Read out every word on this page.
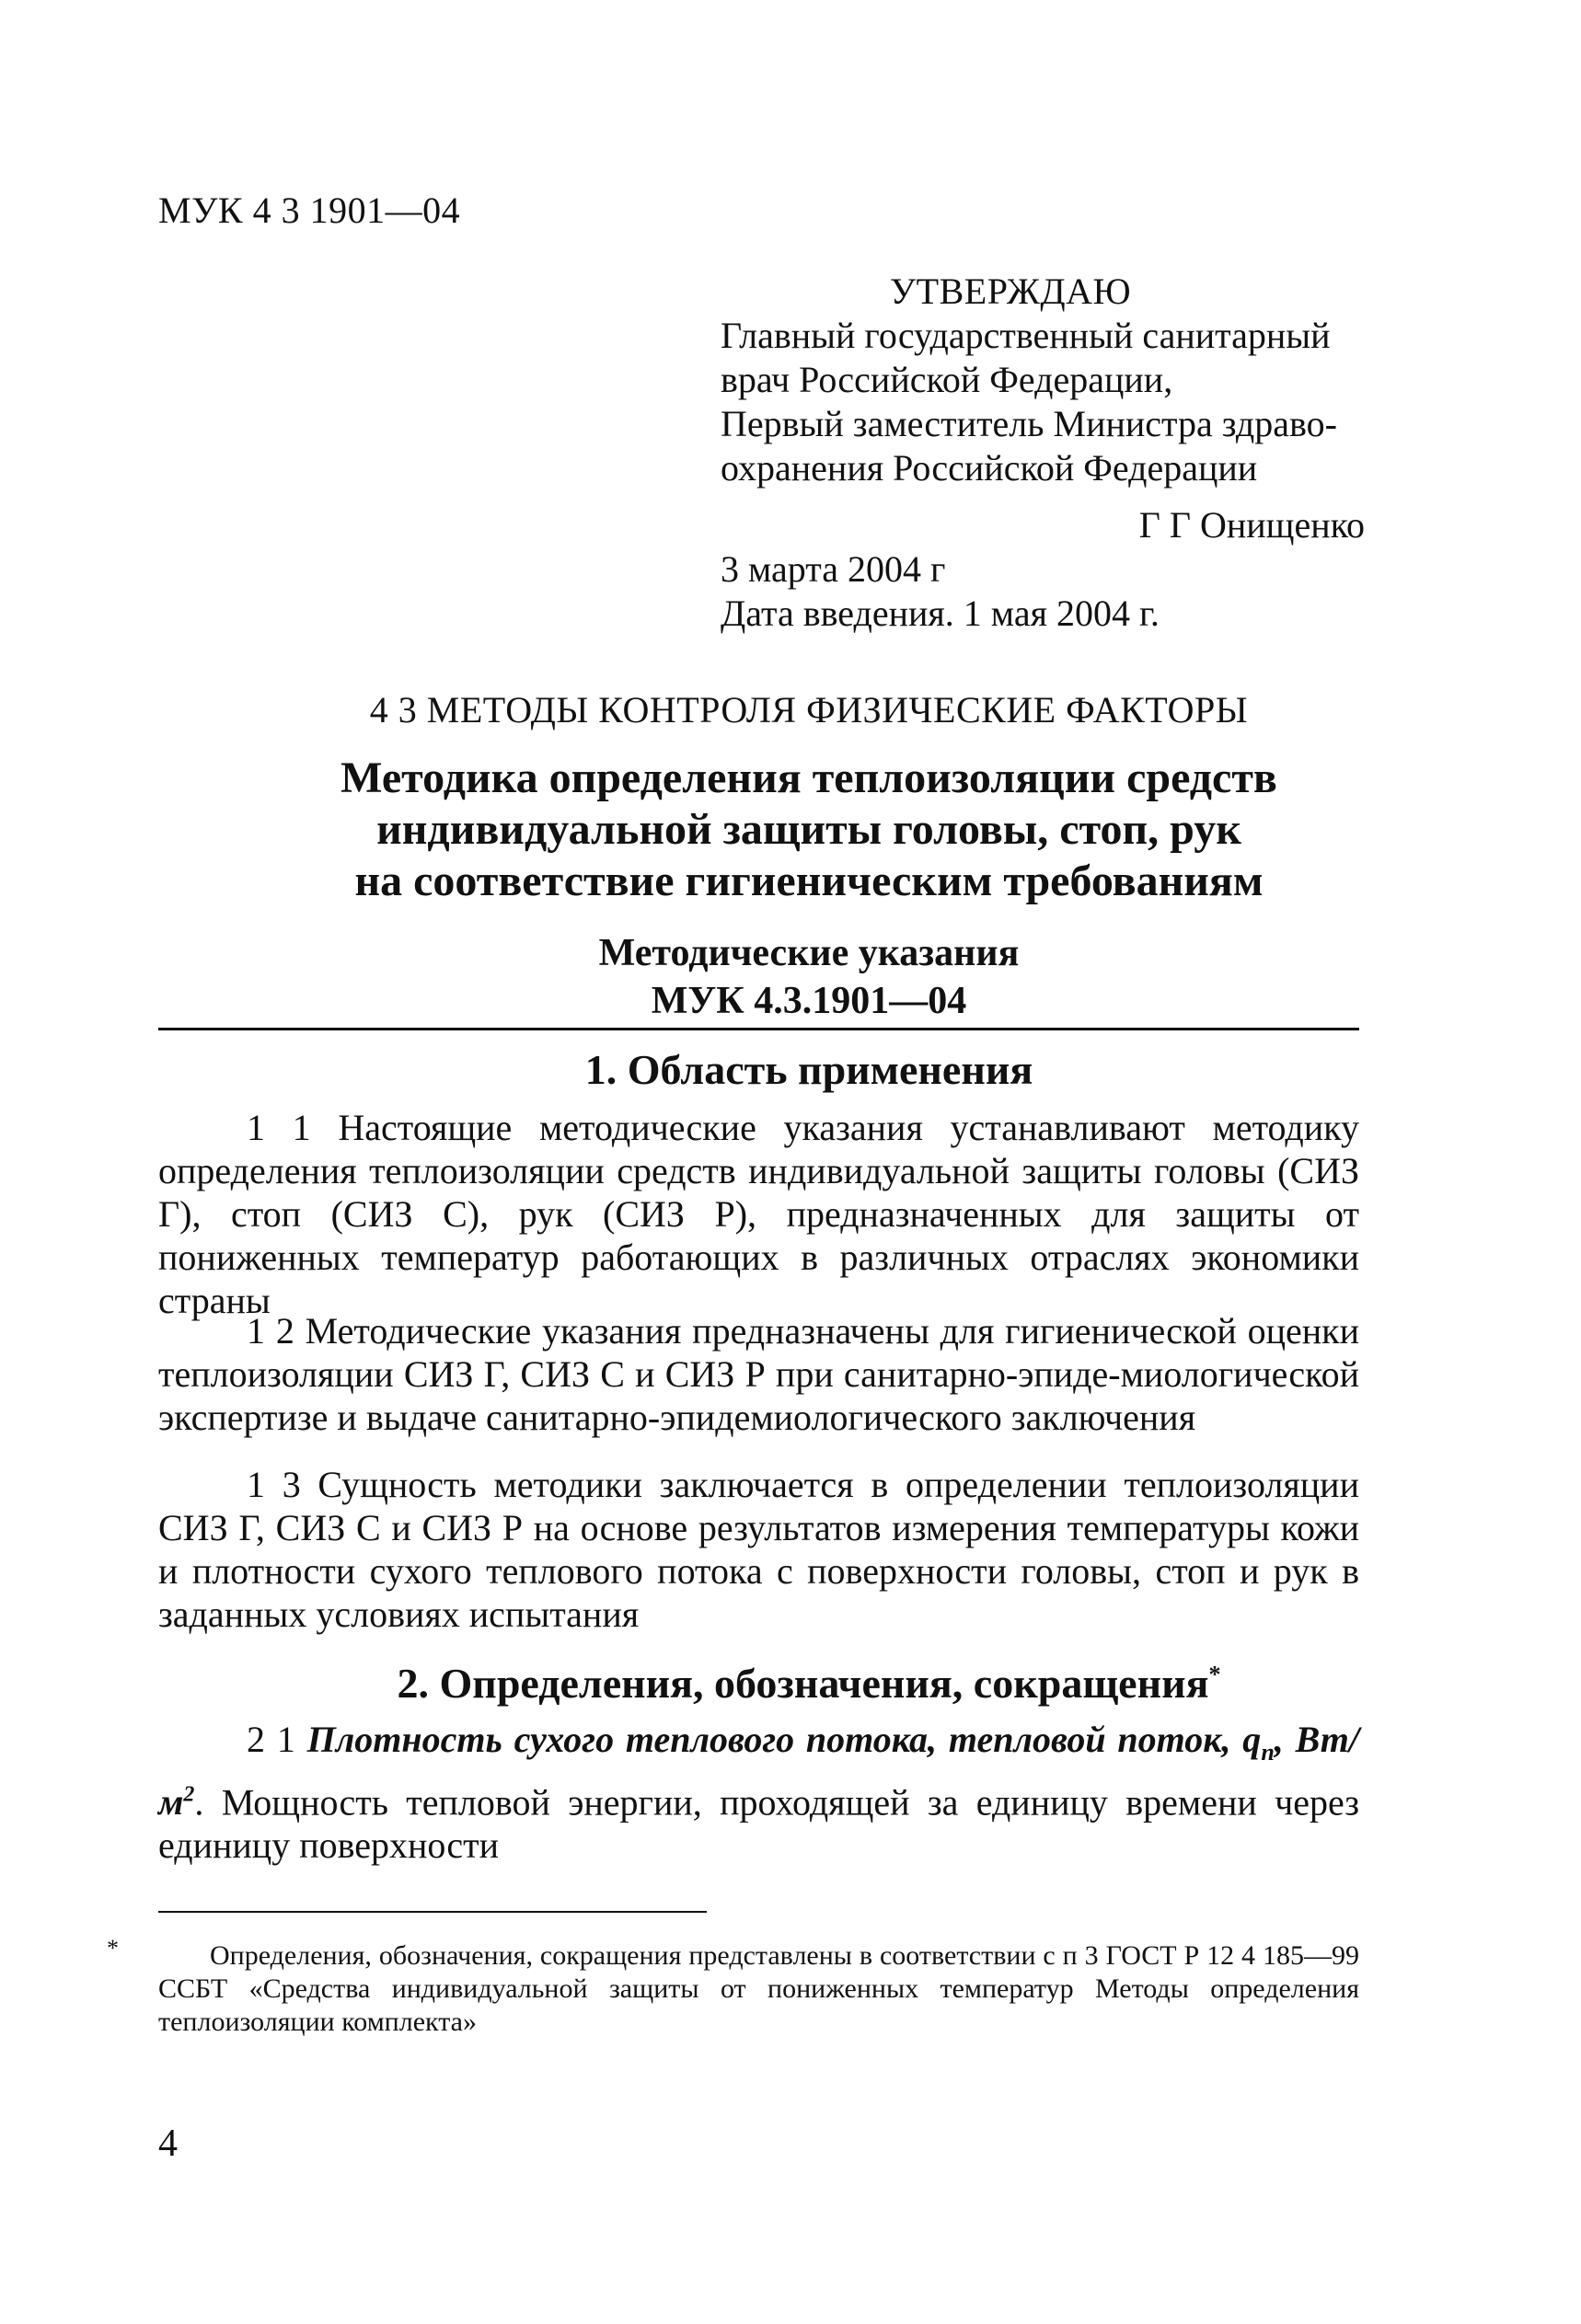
МУК 4 3 1901—04
УТВЕРЖДАЮ
Главный государственный санитарный
врач Российской Федерации,
Первый заместитель Министра здраво-
охранения Российской Федерации
Г Г Онищенко
3 марта 2004 г
Дата введения. 1 мая 2004 г.
4 3 МЕТОДЫ КОНТРОЛЯ ФИЗИЧЕСКИЕ ФАКТОРЫ
Методика определения теплоизоляции средств
индивидуальной защиты головы, стоп, рук
на соответствие гигиеническим требованиям
Методические указания
МУК 4.3.1901—04
1. Область применения

1 1 Настоящие методические указания устанавливают методику определения теплоизоляции средств индивидуальной защиты головы (СИЗ Г), стоп (СИЗ С), рук (СИЗ Р), предназначенных для защиты от пониженных температур работающих в различных отраслях экономики страны

1 2 Методические указания предназначены для гигиенической оценки теплоизоляции СИЗ Г, СИЗ С и СИЗ Р при санитарно-эпиде-миологической экспертизе и выдаче санитарно-эпидемиологического заключения

1 3 Сущность методики заключается в определении теплоизоляции СИЗ Г, СИЗ С и СИЗ Р на основе результатов измерения температуры кожи и плотности сухого теплового потока с поверхности головы, стоп и рук в заданных условиях испытания

2. Определения, обозначения, сокращения*

2 1 Плотность сухого теплового потока, тепловой поток, $q_п$, $Вт/м^2$. Мощность тепловой энергии, проходящей за единицу времени через единицу поверхности

*	Определения, обозначения, сокращения представлены в соответствии с п 3 ГОСТ Р 12 4 185—99 ССБТ «Средства индивидуальной защиты от пониженных температур Методы определения теплоизоляции комплекта»

4
